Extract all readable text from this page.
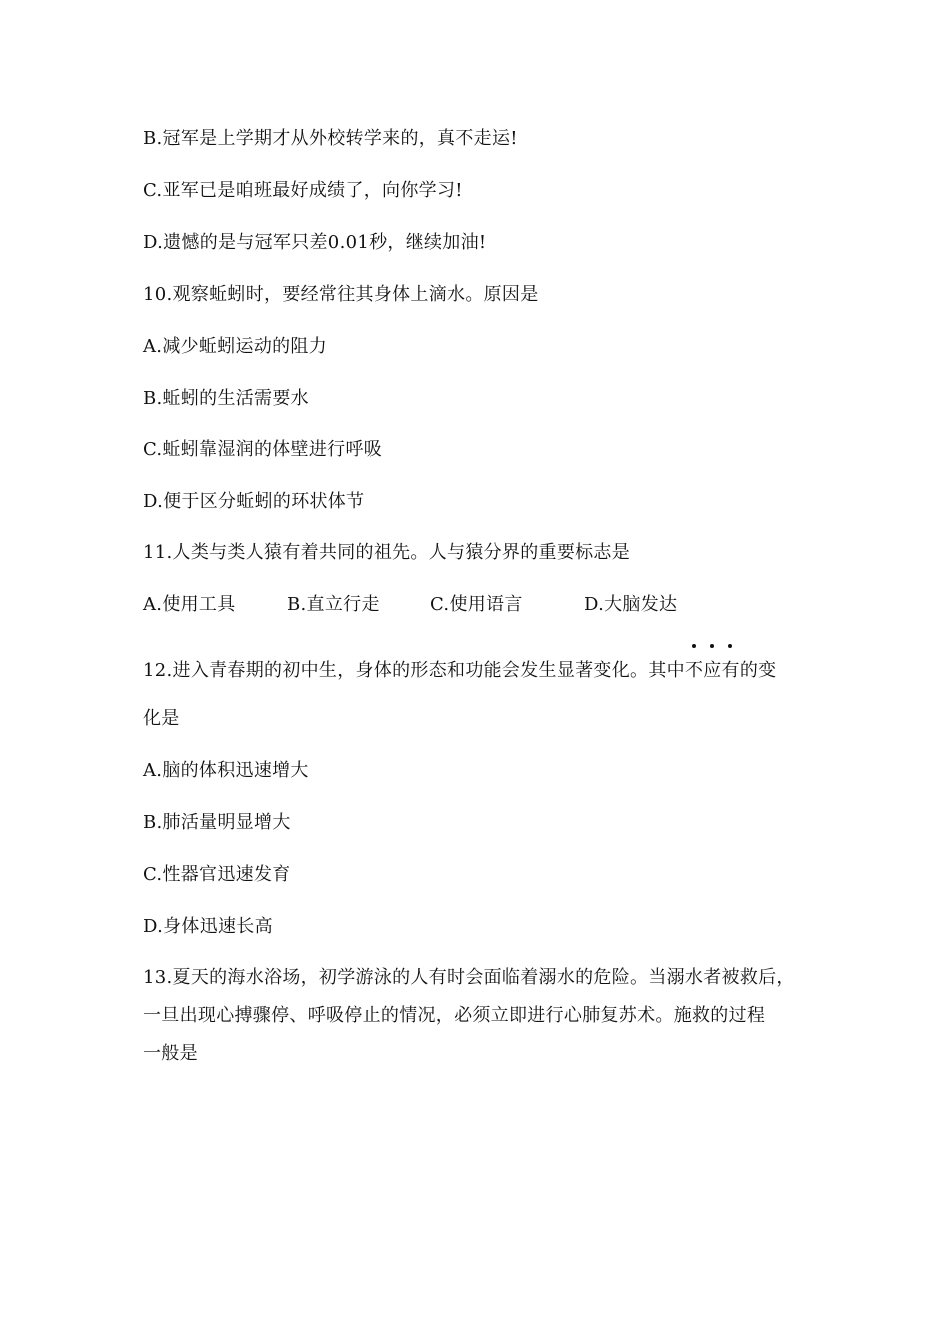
B.冠军是上学期才从外校转学来的，真不走运!

C.亚军已是咱班最好成绩了，向你学习!

D.遗憾的是与冠军只差0.01秒，继续加油!

10.观察蚯蚓时，要经常往其身体上滴水。原因是

A.减少蚯蚓运动的阻力

B.蚯蚓的生活需要水

C.蚯蚓靠湿润的体壁进行呼吸

D.便于区分蚯蚓的环状体节

11.人类与类人猿有着共同的祖先。人与猿分界的重要标志是

A.使用工具	B.直立行走	C.使用语言	D.大脑发达

12.进入青春期的初中生，身体的形态和功能会发生显著变化。其中不应有
的变

化是

A.脑的体积迅速增大

B.肺活量明显增大

C.性器官迅速发育

D.身体迅速长高

13.夏天的海水浴场，初学游泳的人有时会面临着溺水的危险。当溺水者被救后，

一旦出现心搏骤停、呼吸停止的情况，必须立即进行心肺复苏术。施救的过程

一般是
